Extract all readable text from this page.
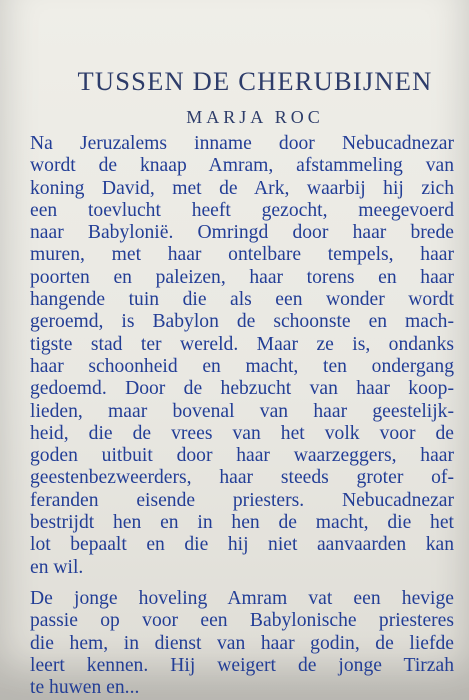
TUSSEN DE CHERUBIJNEN
MARJA ROC
Na Jeruzalems inname door Nebucadnezar
wordt de knaap Amram, afstammeling van
koning David, met de Ark, waarbij hij zich
een toevlucht heeft gezocht, meegevoerd
naar Babylonië. Omringd door haar brede
muren, met haar ontelbare tempels, haar
poorten en paleizen, haar torens en haar
hangende tuin die als een wonder wordt
geroemd, is Babylon de schoonste en mach-
tigste stad ter wereld. Maar ze is, ondanks
haar schoonheid en macht, ten ondergang
gedoemd. Door de hebzucht van haar koop-
lieden, maar bovenal van haar geestelijk-
heid, die de vrees van het volk voor de
goden uitbuit door haar waarzeggers, haar
geestenbezweerders, haar steeds groter of-
feranden eisende priesters. Nebucadnezar
bestrijdt hen en in hen de macht, die het
lot bepaalt en die hij niet aanvaarden kan
en wil.
De jonge hoveling Amram vat een hevige
passie op voor een Babylonische priesteres
die hem, in dienst van haar godin, de liefde
leert kennen. Hij weigert de jonge Tirzah
te huwen en...
